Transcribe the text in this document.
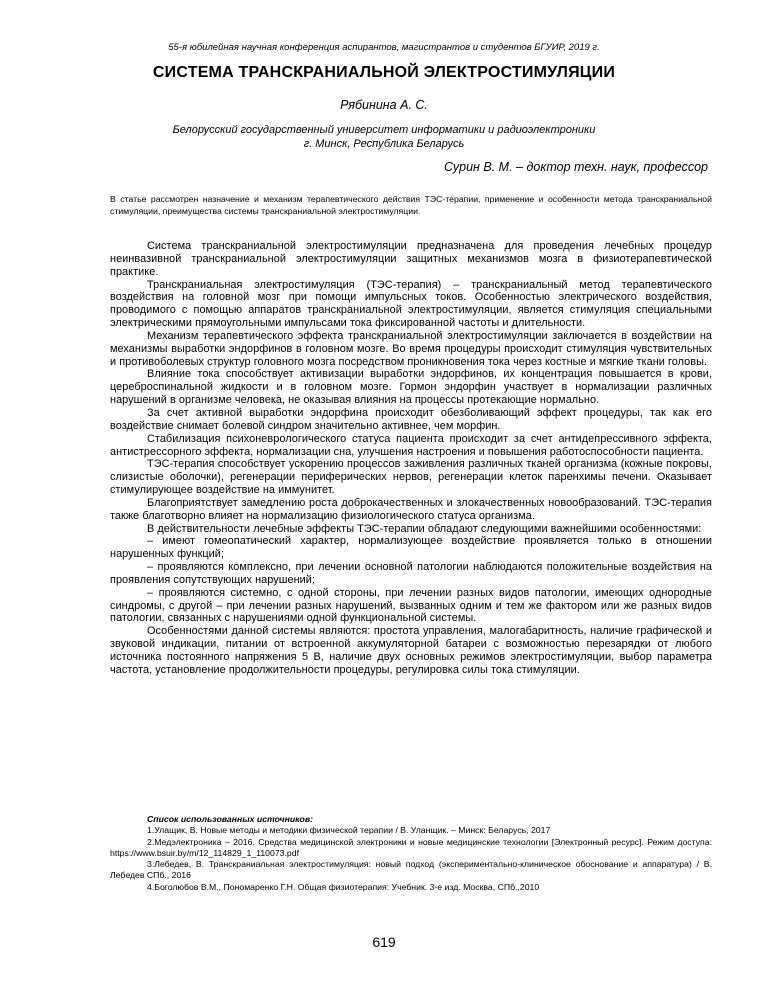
55-я юбилейная научная конференция аспирантов, магистрантов и студентов БГУИР, 2019 г.
СИСТЕМА ТРАНСКРАНИАЛЬНОЙ ЭЛЕКТРОСТИМУЛЯЦИИ
Рябинина А. С.
Белорусский государственный университет информатики и радиоэлектроники
г. Минск, Республика Беларусь
Сурин В. М. – доктор техн. наук, профессор
В статье рассмотрен назначение и механизм терапевтического действия ТЭС-терапии, применение и особенности метода транскраниальной стимуляции, преимущества системы транскраниальной электростимуляции.

Система транскраниальной электростимуляции предназначена для проведения лечебных процедур неинвазивной транскраниальной электростимуляции защитных механизмов мозга в физиотерапевтической практике.

Транскраниальная электростимуляция (ТЭС-терапия) – транскраниальный метод терапевтического воздействия на головной мозг при помощи импульсных токов. Особенностью электрического воздействия, проводимого с помощью аппаратов транскраниальной электростимуляции, является стимуляция специальными электрическими прямоугольными импульсами тока фиксированной частоты и длительности.

Механизм терапевтического эффекта транскраниальной электростимуляции заключается в воздействии на механизмы выработки эндорфинов в головном мозге. Во время процедуры происходит стимуляция чувствительных и противоболевых структур головного мозга посредством проникновения тока через костные и мягкие ткани головы.

Влияние тока способствует активизации выработки эндорфинов, их концентрация повышается в крови, цереброспинальной жидкости и в головном мозге. Гормон эндорфин участвует в нормализации различных нарушений в организме человека, не оказывая влияния на процессы протекающие нормально.

За счет активной выработки эндорфина происходит обезболивающий эффект процедуры, так как его воздействие снимает болевой синдром значительно активнее, чем морфин.

Стабилизация психоневрологического статуса пациента происходит за счет антидепрессивного эффекта, антистрессорного эффекта, нормализации сна, улучшения настроения и повышения работоспособности пациента.

ТЭС-терапия способствует ускорению процессов заживления различных тканей организма (кожные покровы, слизистые оболочки), регенерации периферических нервов, регенерации клеток паренхимы печени. Оказывает стимулирующее воздействие на иммунитет.

Благоприятствует замедлению роста доброкачественных и злокачественных новообразований. ТЭС-терапия также благотворно влияет на нормализацию физиологического статуса организма.

В действительности лечебные эффекты ТЭС-терапии обладают следующими важнейшими особенностями:

– имеют гомеопатический характер, нормализующее воздействие проявляется только в отношении нарушенных функций;

– проявляются комплексно, при лечении основной патологии наблюдаются положительные воздействия на проявления сопутствующих нарушений;

– проявляются системно, с одной стороны, при лечении разных видов патологии, имеющих однородные синдромы, с другой – при лечении разных нарушений, вызванных одним и тем же фактором или же разных видов патологии, связанных с нарушениями одной функциональной системы.

Особенностями данной системы являются: простота управления, малогабаритность, наличие графической и звуковой индикации, питании от встроенной аккумуляторной батареи с возможностью перезарядки от любого источника постоянного напряжения 5 В, наличие двух основных режимов электростимуляции, выбор параметра частота, установление продолжительности процедуры, регулировка силы тока стимуляции.

Список использованных источников:

1.Улащик, В. Новые методы и методики физической терапии / В. Уланщик. – Минск: Беларусь, 2017

2.Медэлектроника – 2016. Средства медицинской электроники и новые медицинские технологии [Электронный ресурс]. Режим доступа: https://www.bsuir.by/m/12_114829_1_110073.pdf

3.Лебедев, В. Транскраниальная электростимуляция: новый подход (экспериментально-клиническое обоснование и аппаратура) / В. Лебедев СПб., 2016

4.Боголюбов В.М., Пономаренко Г.Н. Общая физиотерапия: Учебник. 3-е изд. Москва, СПб.,2010

619
